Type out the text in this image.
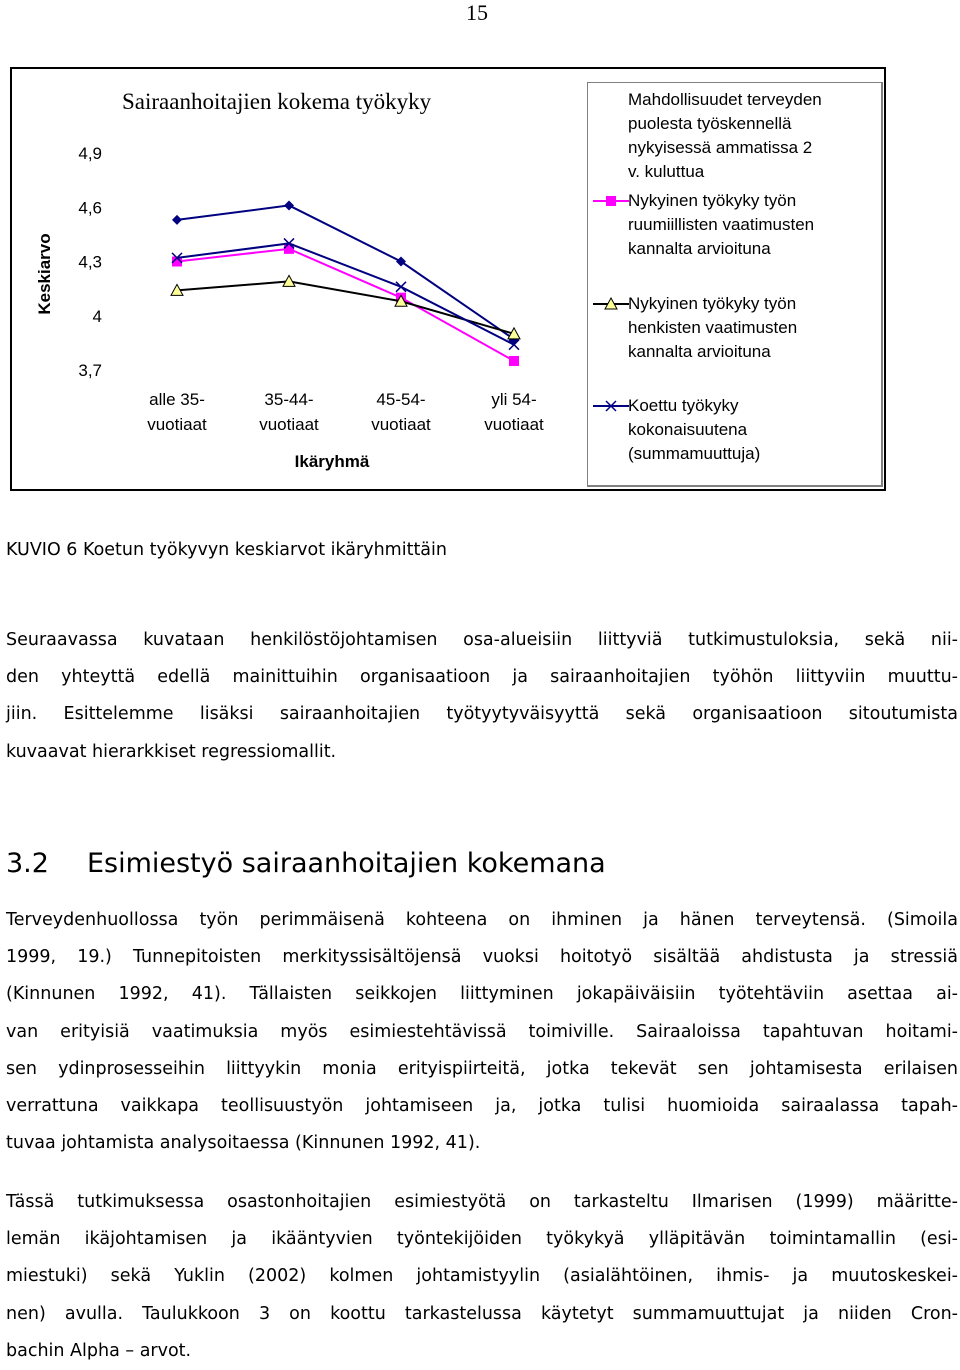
15
Sairaanhoitajien kokema työkyky
Keskiarvo
4,9
4,6
4,3
4
3,7
alle 35-
vuotiaat
35-44-
vuotiaat
45-54-
vuotiaat
yli 54-
vuotiaat
Ikäryhmä
Mahdollisuudet terveyden
puolesta työskennellä
nykyisessä ammatissa 2
v. kuluttua
Nykyinen työkyky työn
ruumiillisten vaatimusten
kannalta arvioituna
Nykyinen työkyky työn
henkisten vaatimusten
kannalta arvioituna
Koettu työkyky
kokonaisuutena
(summamuuttuja)
KUVIO 6 Koetun työkyvyn keskiarvot ikäryhmittäin
Seuraavassa kuvataan henkilöstöjohtamisen osa-alueisiin liittyviä tutkimustuloksia, sekä nii-
den yhteyttä edellä mainittuihin organisaatioon ja sairaanhoitajien työhön liittyviin muuttu-
jiin. Esittelemme lisäksi sairaanhoitajien työtyytyväisyyttä sekä organisaatioon sitoutumista
kuvaavat hierarkkiset regressiomallit.
3.2 Esimiestyö sairaanhoitajien kokemana
Terveydenhuollossa työn perimmäisenä kohteena on ihminen ja hänen terveytensä. (Simoila
1999, 19.) Tunnepitoisten merkityssisältöjensä vuoksi hoitotyö sisältää ahdistusta ja stressiä
(Kinnunen 1992, 41). Tällaisten seikkojen liittyminen jokapäiväisiin työtehtäviin asettaa ai-
van erityisiä vaatimuksia myös esimiestehtävissä toimiville. Sairaaloissa tapahtuvan hoitami-
sen ydinprosesseihin liittyykin monia erityispiirteitä, jotka tekevät sen johtamisesta erilaisen
verrattuna vaikkapa teollisuustyön johtamiseen ja, jotka tulisi huomioida sairaalassa tapah-
tuvaa johtamista analysoitaessa (Kinnunen 1992, 41).
Tässä tutkimuksessa osastonhoitajien esimiestyötä on tarkasteltu Ilmarisen (1999) määritte-
lemän ikäjohtamisen ja ikääntyvien työntekijöiden työkykyä ylläpitävän toimintamallin (esi-
miestuki) sekä Yuklin (2002) kolmen johtamistyylin (asialähtöinen, ihmis- ja muutoskeskei-
nen) avulla. Taulukkoon 3 on koottu tarkastelussa käytetyt summamuuttujat ja niiden Cron-
bachin Alpha – arvot.
